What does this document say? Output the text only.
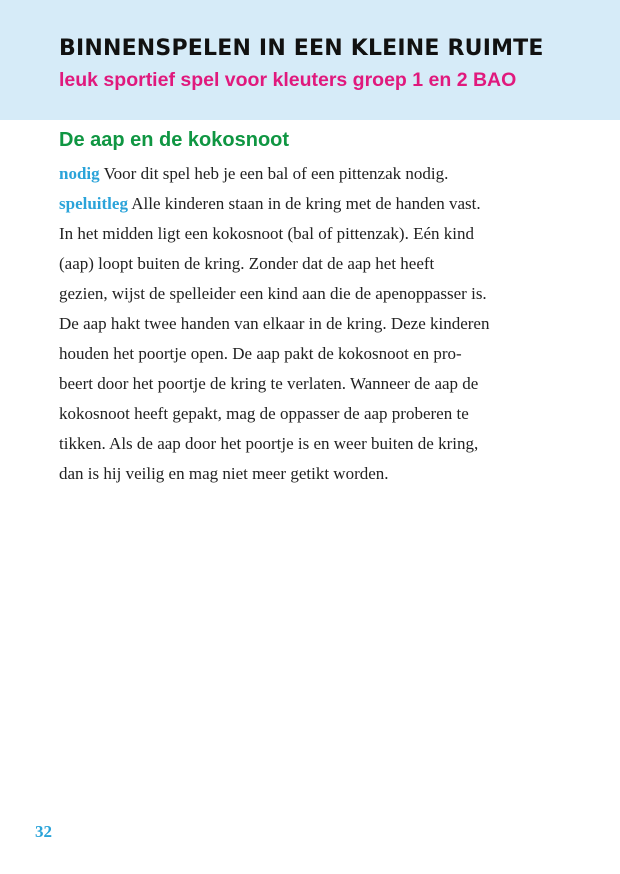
BINNENSPELEN IN EEN KLEINE RUIMTE
leuk sportief spel voor kleuters groep 1 en 2 BAO
De aap en de kokosnoot
nodig Voor dit spel heb je een bal of een pittenzak nodig.
speluitleg Alle kinderen staan in de kring met de handen vast.
In het midden ligt een kokosnoot (bal of pittenzak). Eén kind
(aap) loopt buiten de kring. Zonder dat de aap het heeft
gezien, wijst de spelleider een kind aan die de apenoppasser is.
De aap hakt twee handen van elkaar in de kring. Deze kinderen
houden het poortje open. De aap pakt de kokosnoot en pro-
beert door het poortje de kring te verlaten. Wanneer de aap de
kokosnoot heeft gepakt, mag de oppasser de aap proberen te
tikken. Als de aap door het poortje is en weer buiten de kring,
dan is hij veilig en mag niet meer getikt worden.

32
